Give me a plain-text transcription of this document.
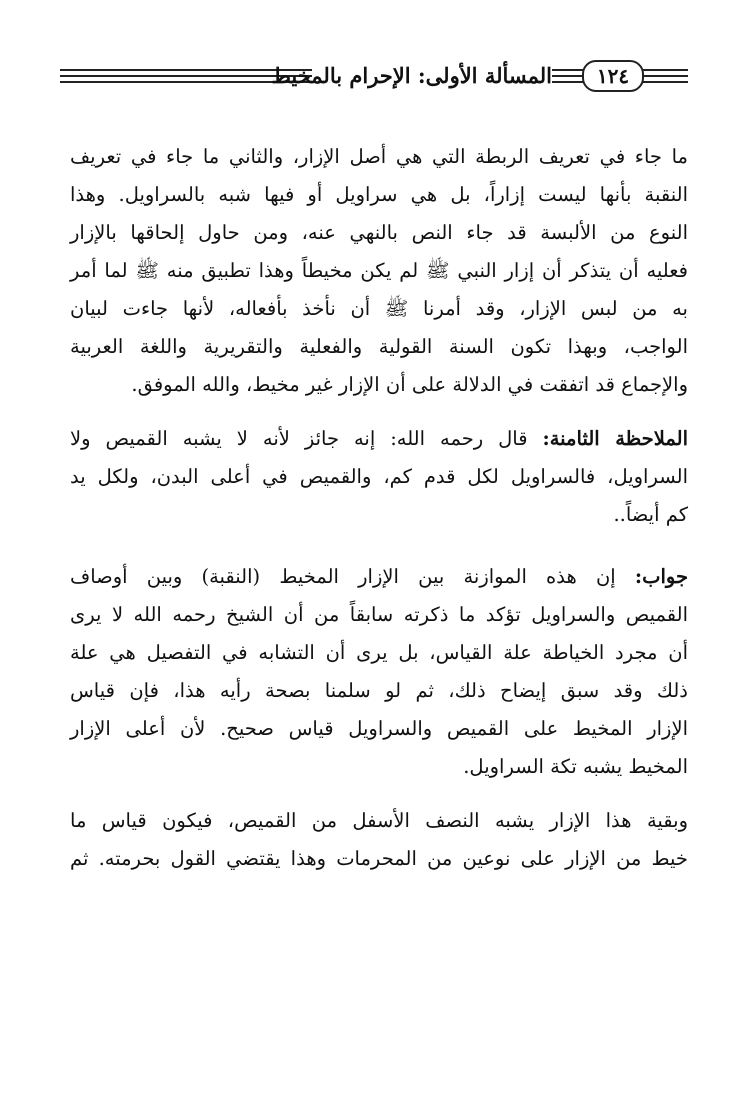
المسألة الأولى: الإحرام بالمخيط	١٢٤
ما جاء في تعريف الربطة التي هي أصل الإزار، والثاني ما جاء في تعريف
النقبة بأنها ليست إزاراً، بل هي سراويل أو فيها شبه بالسراويل. وهذا
النوع من الألبسة قد جاء النص بالنهي عنه، ومن حاول إلحاقها بالإزار
فعليه أن يتذكر أن إزار النبي ﷺ لم يكن مخيطاً وهذا تطبيق منه ﷺ لما أمر
به من لبس الإزار، وقد أمرنا ﷺ أن نأخذ بأفعاله، لأنها جاءت لبيان
الواجب، وبهذا تكون السنة القولية والفعلية والتقريرية واللغة العربية
والإجماع قد اتفقت في الدلالة على أن الإزار غير مخيط، والله الموفق.
الملاحظة الثامنة: قال رحمه الله: إنه جائز لأنه لا يشبه القميص ولا
السراويل، فالسراويل لكل قدم كم، والقميص في أعلى البدن، ولكل يد
كم أيضاً..
جواب: إن هذه الموازنة بين الإزار المخيط (النقبة) وبين أوصاف
القميص والسراويل تؤكد ما ذكرته سابقاً من أن الشيخ رحمه الله لا يرى
أن مجرد الخياطة علة القياس، بل يرى أن التشابه في التفصيل هي علة
ذلك وقد سبق إيضاح ذلك، ثم لو سلمنا بصحة رأيه هذا، فإن قياس
الإزار المخيط على القميص والسراويل قياس صحيح. لأن أعلى الإزار
المخيط يشبه تكة السراويل.
وبقية هذا الإزار يشبه النصف الأسفل من القميص، فيكون قياس ما
خيط من الإزار على نوعين من المحرمات وهذا يقتضي القول بحرمته. ثم
